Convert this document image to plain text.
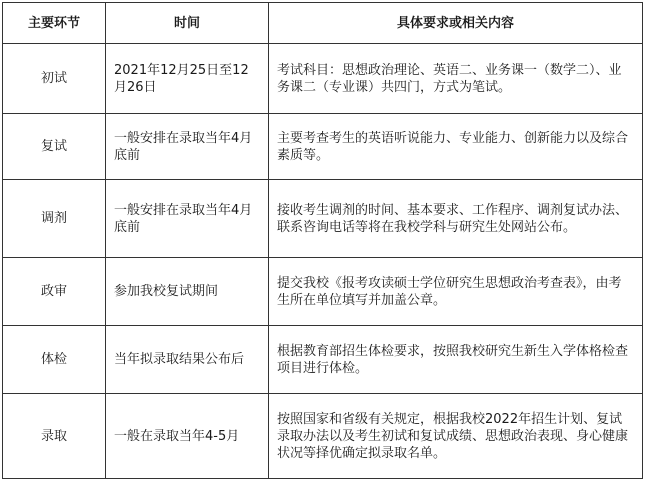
主要环节	时间	具体要求或相关内容
初试	2021年12月25日至12月26日	考试科目：思想政治理论、英语二、业务课一（数学二）、业务课二（专业课）共四门，方式为笔试。
复试	一般安排在录取当年4月底前	主要考查考生的英语听说能力、专业能力、创新能力以及综合素质等。
调剂	一般安排在录取当年4月底前	接收考生调剂的时间、基本要求、工作程序、调剂复试办法、联系咨询电话等将在我校学科与研究生处网站公布。
政审	参加我校复试期间	提交我校《报考攻读硕士学位研究生思想政治考查表》，由考生所在单位填写并加盖公章。
体检	当年拟录取结果公布后	根据教育部招生体检要求，按照我校研究生新生入学体格检查项目进行体检。
录取	一般在录取当年4-5月	按照国家和省级有关规定，根据我校2022年招生计划、复试录取办法以及考生初试和复试成绩、思想政治表现、身心健康状况等择优确定拟录取名单。
